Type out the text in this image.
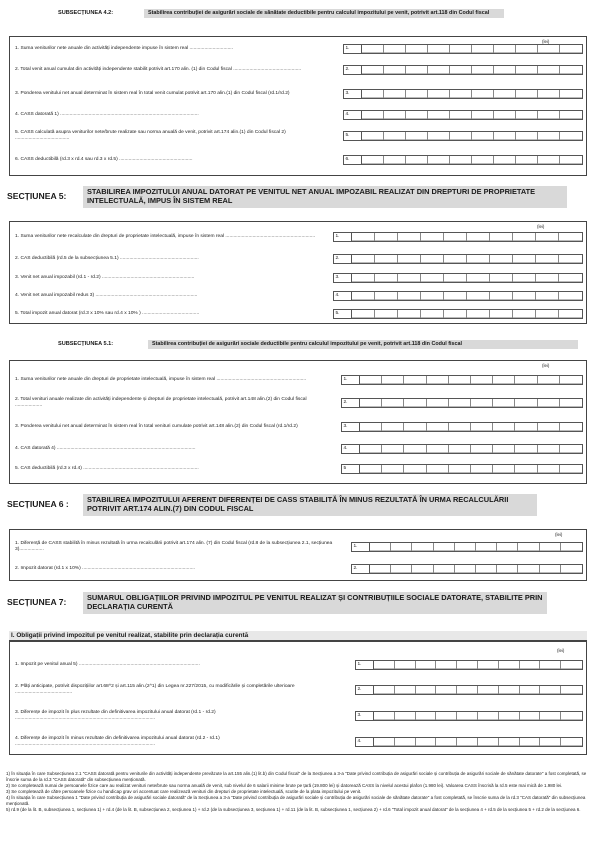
SUBSECȚIUNEA 4.2:	Stabilirea contribuției de asigurări sociale de sănătate deductibile pentru calculul impozitului pe venit, potrivit art.118 din Codul fiscal
(lei)
1. Suma veniturilor nete anuale din activități independente impuse în sistem real ................................	1.
2. Total venit anual cumulat din activități independente stabilit potrivit art.170 alin. (1) din Codul fiscal ..................................................	2.
3. Ponderea venitului net anual determinat în sistem real în total venit cumulat potrivit art.170 alin.(1) din Codul fiscal (rd.1/rd.2)	3.
4. CASS datorată 1) ......................................................................................................	4.
5. CASS calculată asupra veniturilor nete/brute realizate sau norma anuală de venit, potrivit art.174 alin.(1) din Codul fiscal 2) ........................................
5.
6. CASS deductibilă (rd.3 x rd.4 sau rd.3 x rd.5) ......................................................	6.
SECȚIUNEA 5:	STABILIREA IMPOZITULUI ANUAL DATORAT PE VENITUL NET ANUAL IMPOZABIL REALIZAT DIN DREPTURI DE PROPRIETATE INTELECTUALĂ, IMPUS ÎN SISTEM REAL
(lei)
1. Suma veniturilor nete recalculate din drepturi de proprietate intelectuală, impuse în sistem real ..................................................................	1.
2. CAS deductibilă (rd.5 de la subsecțiunea 5.1) ..........................................................	2.
3. Venit net anual impozabil (rd.1 - rd.2) ....................................................................	3.
4. Venit net anual impozabil redus 3) ...........................................................................	4.
5. Total impozit anual datorat (rd.3 x 10% sau rd.4 x 10% ) ..........................................	5.
SUBSECȚIUNEA 5.1:	Stabilirea contribuției de asigurări sociale deductibile pentru calculul impozitului pe venit, potrivit art.118 din Codul fiscal
(lei)
1. Suma veniturilor nete anuale din drepturi de proprietate intelectuală, impuse în sistem real ..................................................................	1.
2. Total venituri anuale realizate din activități independente și drepturi de proprietate intelectuală, potrivit art.148 alin.(2) din Codul fiscal ....................
2.
3. Ponderea venitului net anual determinat în sistem real în total venituri cumulate potrivit art.148 alin.(2) din Codul fiscal (rd.1/rd.2)	3.
4. CAS datorată 4) ......................................................................................................	4.
5. CAS deductibilă (rd.3 x rd.4) .....................................................................................	5
SECȚIUNEA 6 :	STABILIREA IMPOZITULUI AFERENT DIFERENȚEI DE CASS STABILITĂ ÎN MINUS REZULTATĂ ÎN URMA RECALCULĂRII POTRIVIT ART.174 ALIN.(7) DIN CODUL FISCAL
(lei)
1. Diferență de CASS stabilită în minus rezultată în urma recalculării potrivit art.174 alin. (7) din Codul fiscal (rd.8 de la subsecțiunea 2.1, secțiunea 3)..................
1.
2. Impozit datorat (rd.1 x 10%) ...................................................................................	2.
SECȚIUNEA 7:	SUMARUL OBLIGAȚIILOR PRIVIND IMPOZITUL PE VENITUL REALIZAT ȘI CONTRIBUȚIILE SOCIALE DATORATE, STABILITE PRIN DECLARAȚIA CURENTĂ
I. Obligații privind impozitul pe venitul realizat, stabilite prin declarația curentă
(lei)
1. Impozit pe venitul anual 5) .........................................................................................	1.
2. Plăți anticipate, potrivit dispozițiilor art.68^2 și art.115 alin.(2^1) din Legea nr.227/2015, cu modificările și completările ulterioare ..........................................
2.
3. Diferențe de impozit în plus rezultate din definitivarea impozitului anual datorat (rd.1 - rd.2) .......................................................................................................
3.
4. Diferențe de impozit în minus rezultate din definitivarea impozitului anual datorat (rd.2 - rd.1) .......................................................................................................
4.

1) În situația în care Subsecțiunea 2.1 "CASS datorată pentru veniturile din activități independente prevăzute la art.155 alin.(1) lit.b) din Codul fiscal" de la Secțiunea a 3-a "Date privind contribuția de asigurări sociale și contribuția de asigurări sociale de sănătate datorate" a fost completată, se înscrie suma de la rd.3 "CASS datorată" din subsecțiunea menționată.

2) Se completează numai de persoanele fizice care au realizat venituri nete/brute sau norma anuală de venit, sub nivelul de 6 salarii minime brute pe țară (19.800 lei) și datorează CASS la nivelul acestui plafon (1.980 lei). Valoarea CASS înscrisă la rd.5 este mai mică de 1.980 lei.

3) Se completează de către persoanele fizice cu handicap grav ori accentuat care realizează venituri din drepturi de proprietate intelectuală, scutite de la plata impozitului pe venit.

4) În situația în care Subsecțiunea 1 "Date privind contribuția de asigurări sociale datorată" de la Secțiunea a 3-a "Date privind contribuția de asigurări sociale și contribuția de asigurări sociale de sănătate datorate" a fost completată, se înscrie suma de la rd.3 "CAS datorată" din subsecțiunea menționată.

5) rd.9 (de la lit. B, subsecțiunea 1, secțiunea 1) + rd.4 (de la lit. B, subsecțiunea 2, secțiunea 1) + rd.2 (de la subsecțiunea 3, secțiunea 1) + rd.11 (de la lit. B, subsecțiunea 1, secțiunea 2) + rd.6 "Total impozit anual datorat" de la secțiunea 4 + rd.5 de la secțiunea 5 + rd.2 de la secțiunea 6.
